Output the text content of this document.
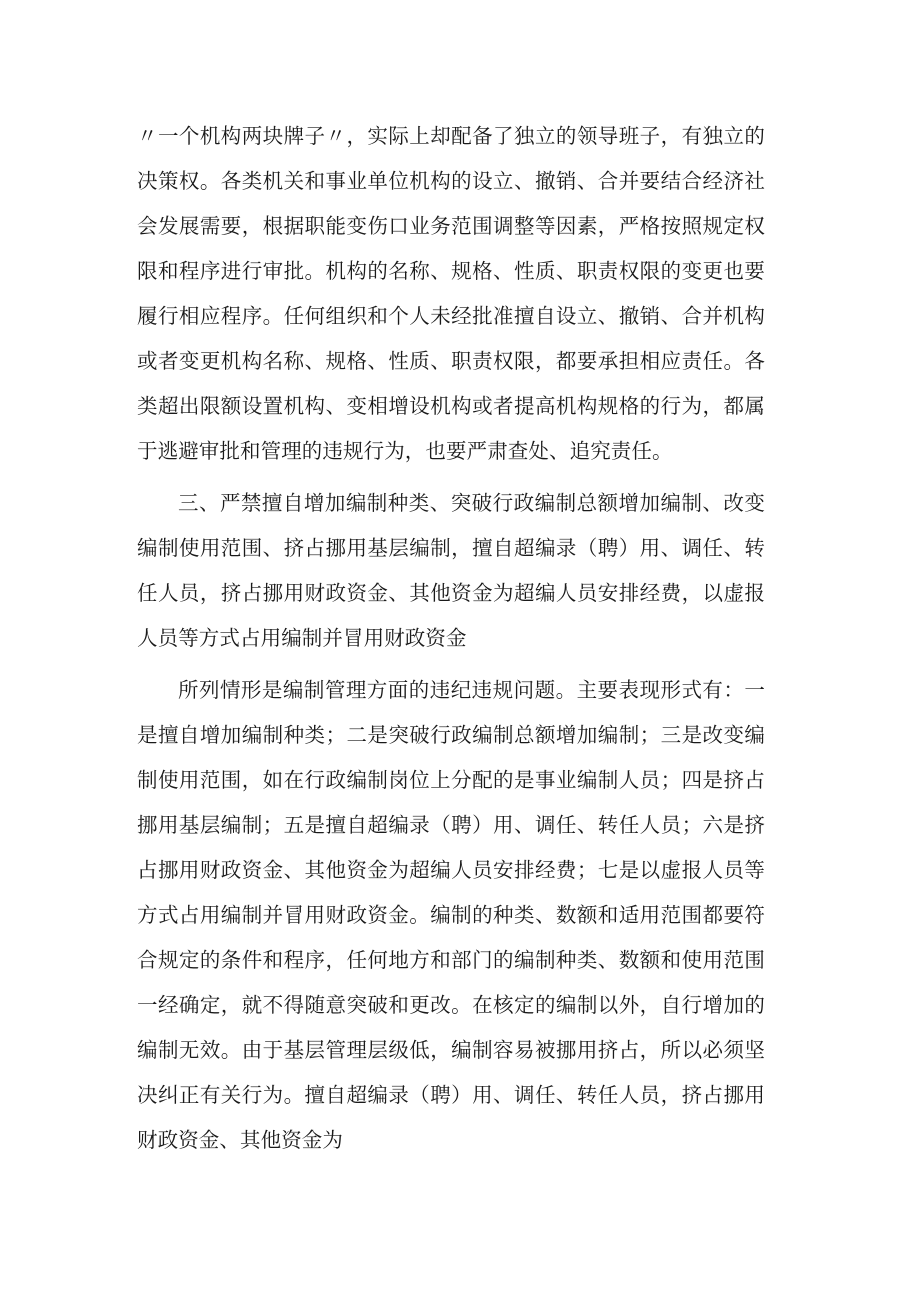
〃一个机构两块牌子〃，实际上却配备了独立的领导班子，有独立的决策权。各类机关和事业单位机构的设立、撤销、合并要结合经济社会发展需要，根据职能变伤口业务范围调整等因素，严格按照规定权限和程序进行审批。机构的名称、规格、性质、职责权限的变更也要履行相应程序。任何组织和个人未经批准擅自设立、撤销、合并机构或者变更机构名称、规格、性质、职责权限，都要承担相应责任。各类超出限额设置机构、变相增设机构或者提高机构规格的行为，都属于逃避审批和管理的违规行为，也要严肃查处、追究责任。

三、严禁擅自增加编制种类、突破行政编制总额增加编制、改变编制使用范围、挤占挪用基层编制，擅自超编录（聘）用、调任、转任人员，挤占挪用财政资金、其他资金为超编人员安排经费，以虚报人员等方式占用编制并冒用财政资金

所列情形是编制管理方面的违纪违规问题。主要表现形式有：一是擅自增加编制种类；二是突破行政编制总额增加编制；三是改变编制使用范围，如在行政编制岗位上分配的是事业编制人员；四是挤占挪用基层编制；五是擅自超编录（聘）用、调任、转任人员；六是挤占挪用财政资金、其他资金为超编人员安排经费；七是以虚报人员等方式占用编制并冒用财政资金。编制的种类、数额和适用范围都要符合规定的条件和程序，任何地方和部门的编制种类、数额和使用范围一经确定，就不得随意突破和更改。在核定的编制以外，自行增加的编制无效。由于基层管理层级低，编制容易被挪用挤占，所以必须坚决纠正有关行为。擅自超编录（聘）用、调任、转任人员，挤占挪用财政资金、其他资金为
